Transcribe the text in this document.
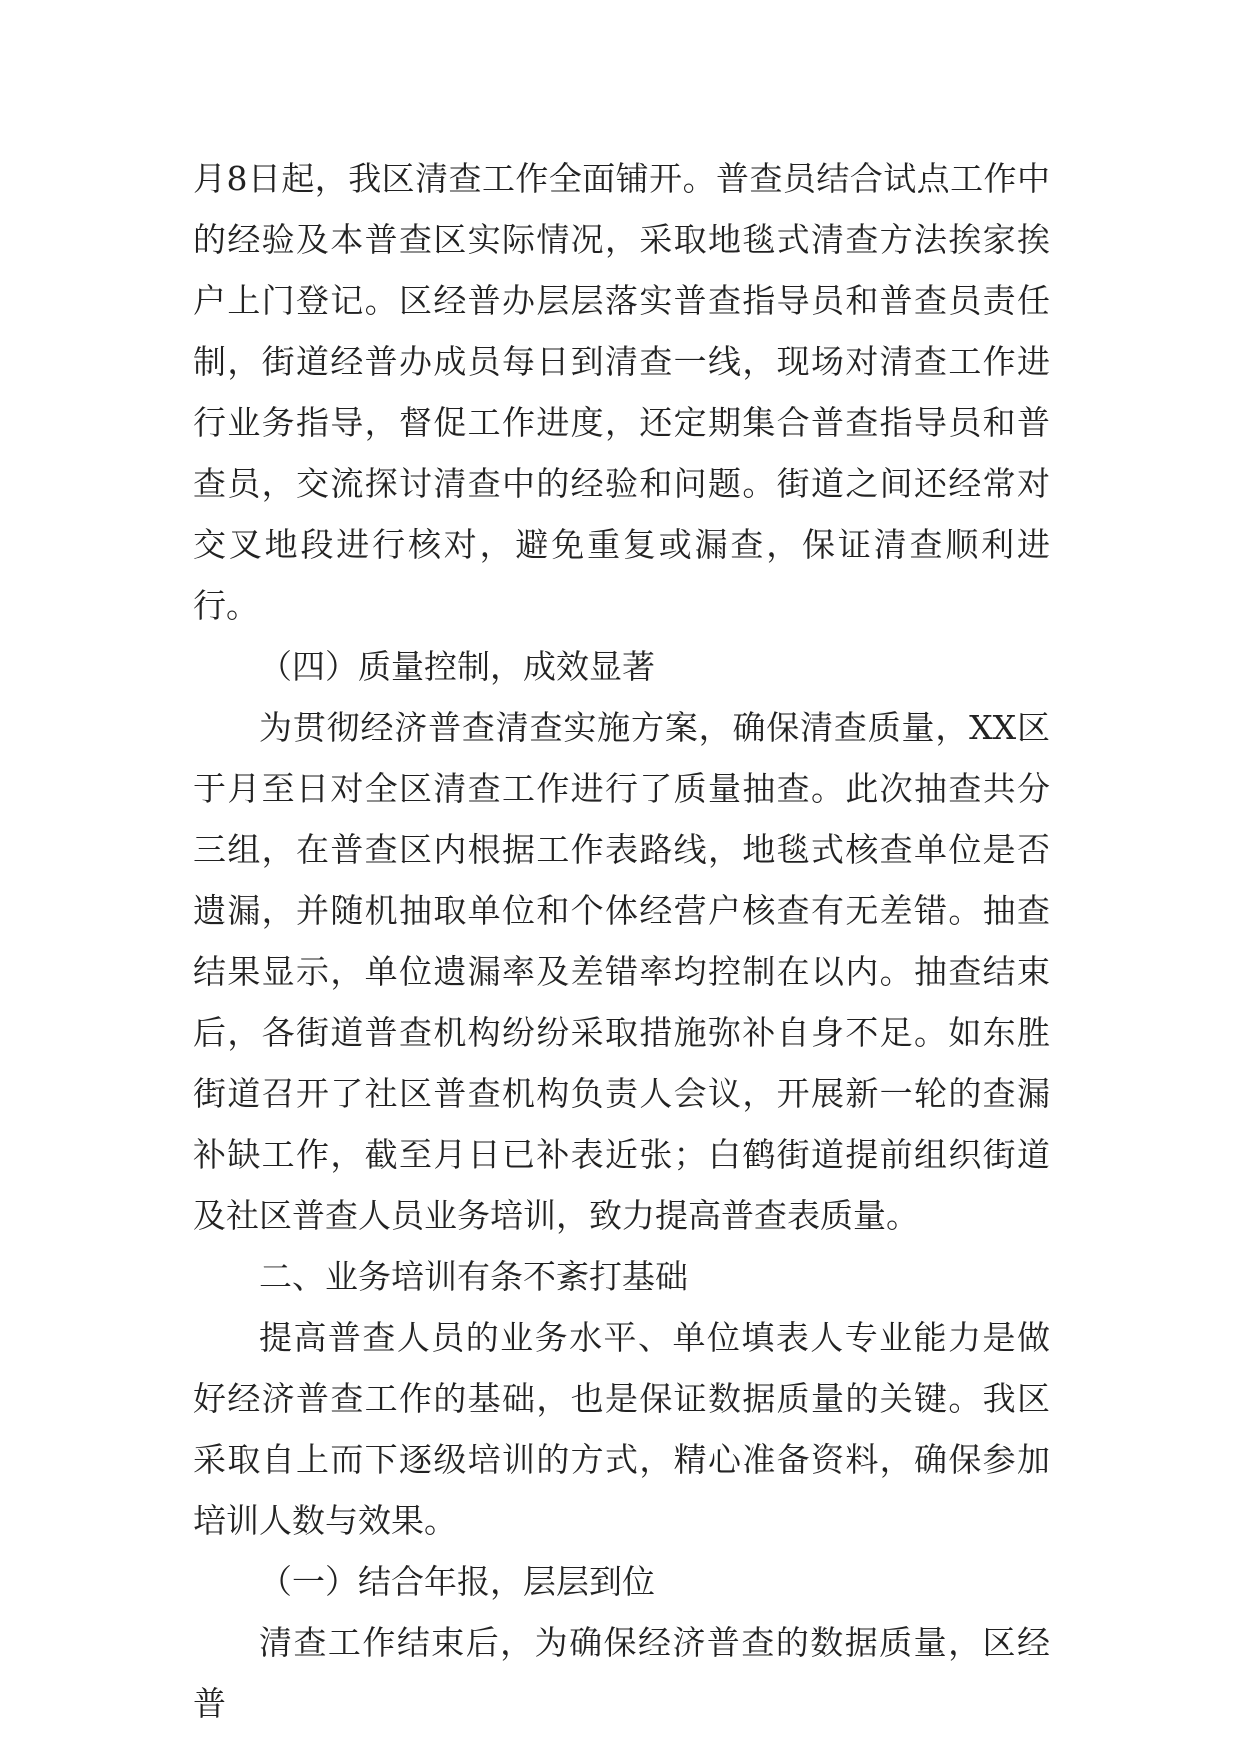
月8日起，我区清查工作全面铺开。普查员结合试点工作中的经验及本普查区实际情况，采取地毯式清查方法挨家挨户上门登记。区经普办层层落实普查指导员和普查员责任制，街道经普办成员每日到清查一线，现场对清查工作进行业务指导，督促工作进度，还定期集合普查指导员和普查员，交流探讨清查中的经验和问题。街道之间还经常对交叉地段进行核对，避免重复或漏查，保证清查顺利进行。

（四）质量控制，成效显著

为贯彻经济普查清查实施方案，确保清查质量，XX区于月至日对全区清查工作进行了质量抽查。此次抽查共分三组，在普查区内根据工作表路线，地毯式核查单位是否遗漏，并随机抽取单位和个体经营户核查有无差错。抽查结果显示，单位遗漏率及差错率均控制在以内。抽查结束后，各街道普查机构纷纷采取措施弥补自身不足。如东胜街道召开了社区普查机构负责人会议，开展新一轮的查漏补缺工作，截至月日已补表近张；白鹤街道提前组织街道及社区普查人员业务培训，致力提高普查表质量。

二、业务培训有条不紊打基础

提高普查人员的业务水平、单位填表人专业能力是做好经济普查工作的基础，也是保证数据质量的关键。我区采取自上而下逐级培训的方式，精心准备资料，确保参加培训人数与效果。

（一）结合年报，层层到位

清查工作结束后，为确保经济普查的数据质量，区经普
